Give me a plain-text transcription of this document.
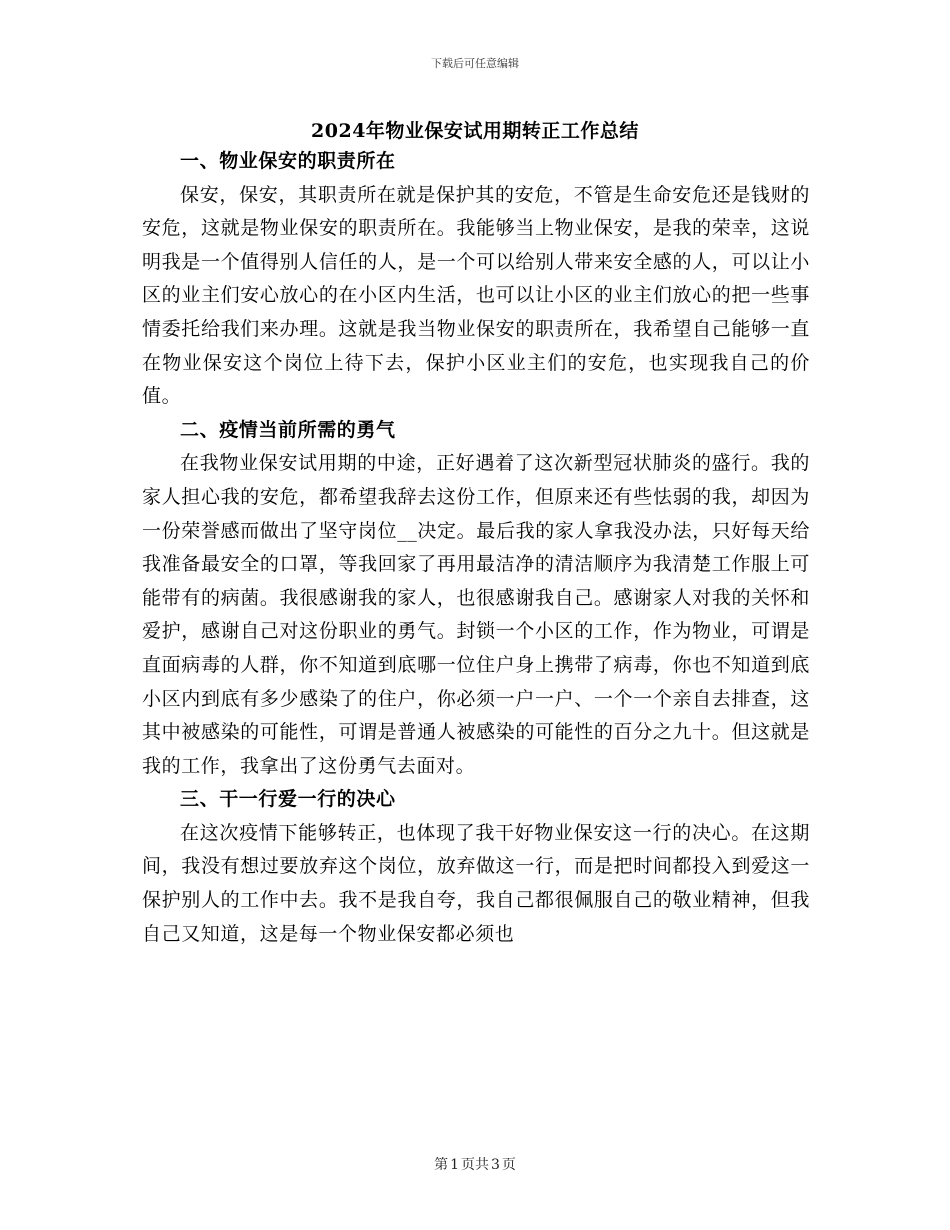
下载后可任意编辑
2024年物业保安试用期转正工作总结
一、物业保安的职责所在

保安，保安，其职责所在就是保护其的安危，不管是生命安危还是钱财的安危，这就是物业保安的职责所在。我能够当上物业保安，是我的荣幸，这说明我是一个值得别人信任的人，是一个可以给别人带来安全感的人，可以让小区的业主们安心放心的在小区内生活，也可以让小区的业主们放心的把一些事情委托给我们来办理。这就是我当物业保安的职责所在，我希望自己能够一直在物业保安这个岗位上待下去，保护小区业主们的安危，也实现我自己的价值。

二、疫情当前所需的勇气

在我物业保安试用期的中途，正好遇着了这次新型冠状肺炎的盛行。我的家人担心我的安危，都希望我辞去这份工作，但原来还有些怯弱的我，却因为一份荣誉感而做出了坚守岗位__决定。最后我的家人拿我没办法，只好每天给我准备最安全的口罩，等我回家了再用最洁净的清洁顺序为我清楚工作服上可能带有的病菌。我很感谢我的家人，也很感谢我自己。感谢家人对我的关怀和爱护，感谢自己对这份职业的勇气。封锁一个小区的工作，作为物业，可谓是直面病毒的人群，你不知道到底哪一位住户身上携带了病毒，你也不知道到底小区内到底有多少感染了的住户，你必须一户一户、一个一个亲自去排查，这其中被感染的可能性，可谓是普通人被感染的可能性的百分之九十。但这就是我的工作，我拿出了这份勇气去面对。

三、干一行爱一行的决心

在这次疫情下能够转正，也体现了我干好物业保安这一行的决心。在这期间，我没有想过要放弃这个岗位，放弃做这一行，而是把时间都投入到爱这一保护别人的工作中去。我不是我自夸，我自己都很佩服自己的敬业精神，但我自己又知道，这是每一个物业保安都必须也

第 1 页共 3 页
